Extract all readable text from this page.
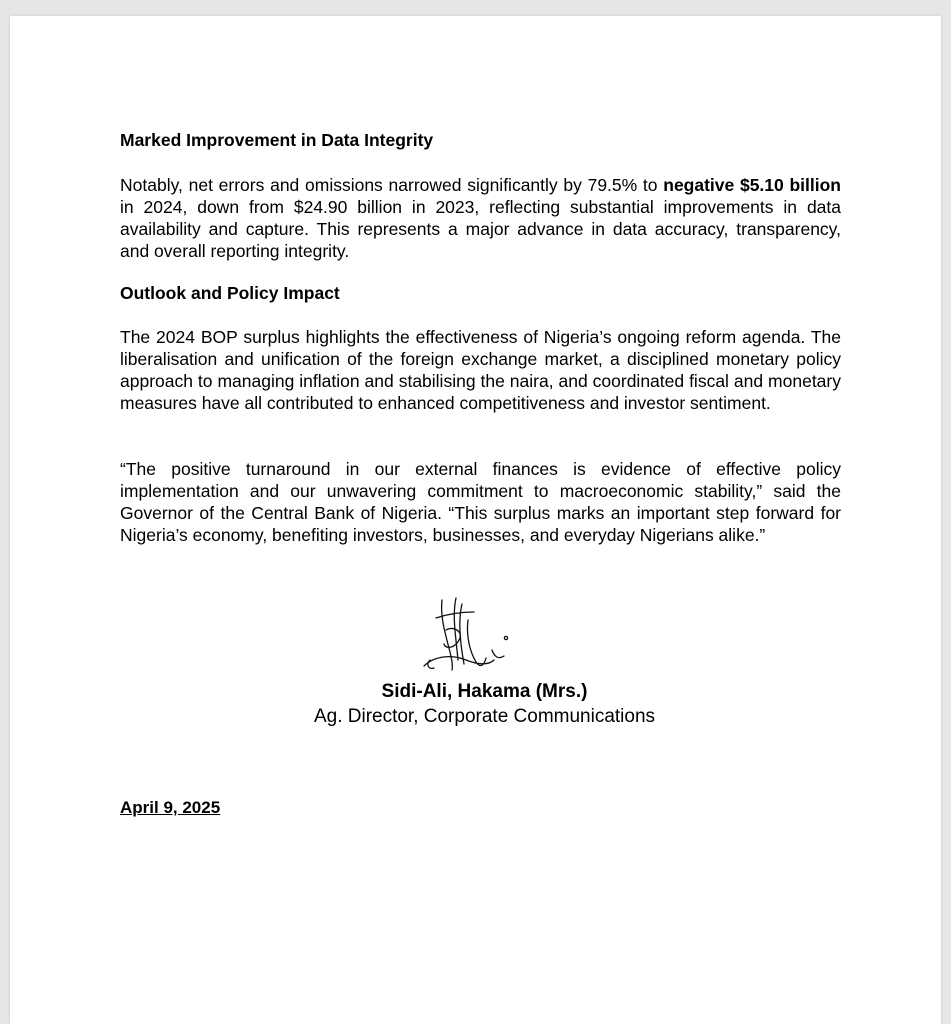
Marked Improvement in Data Integrity

Notably, net errors and omissions narrowed significantly by 79.5% to negative $5.10 billion in 2024, down from $24.90 billion in 2023, reflecting substantial improvements in data availability and capture. This represents a major advance in data accuracy, transparency, and overall reporting integrity.

Outlook and Policy Impact

The 2024 BOP surplus highlights the effectiveness of Nigeria’s ongoing reform agenda. The liberalisation and unification of the foreign exchange market, a disciplined monetary policy approach to managing inflation and stabilising the naira, and coordinated fiscal and monetary measures have all contributed to enhanced competitiveness and investor sentiment.

“The positive turnaround in our external finances is evidence of effective policy implementation and our unwavering commitment to macroeconomic stability,” said the Governor of the Central Bank of Nigeria. “This surplus marks an important step forward for Nigeria’s economy, benefiting investors, businesses, and everyday Nigerians alike.”

Sidi-Ali, Hakama (Mrs.)
Ag. Director, Corporate Communications
April 9, 2025
